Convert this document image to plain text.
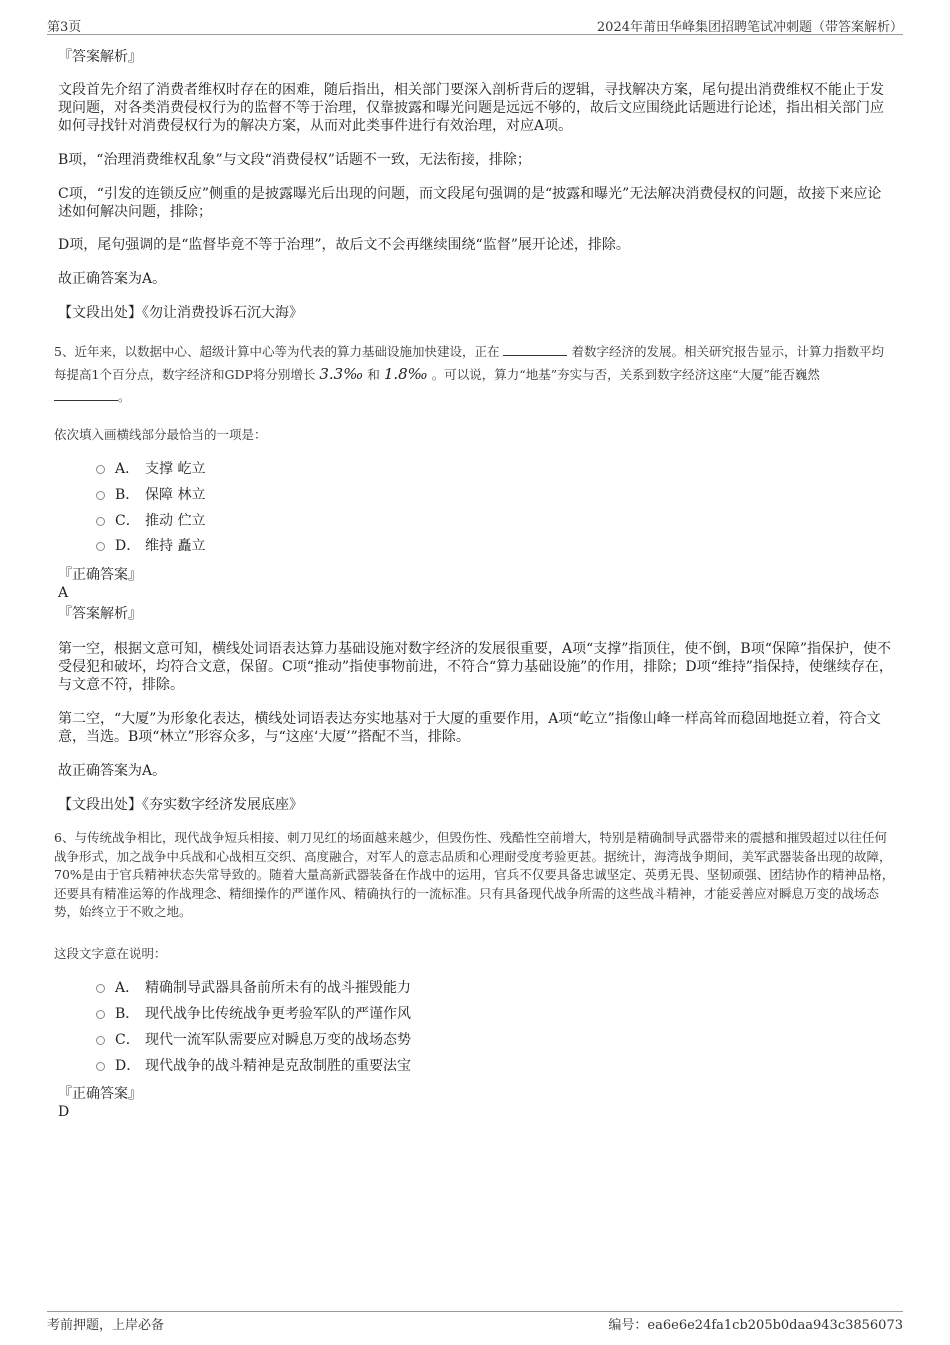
第3页	2024年莆田华峰集团招聘笔试冲刺题（带答案解析）
『答案解析』
文段首先介绍了消费者维权时存在的困难，随后指出，相关部门要深入剖析背后的逻辑，寻找解决方案，尾句提出消费维权不能止于发现问题，对各类消费侵权行为的监督不等于治理，仅靠披露和曝光问题是远远不够的，故后文应围绕此话题进行论述，指出相关部门应如何寻找针对消费侵权行为的解决方案，从而对此类事件进行有效治理，对应A项。
B项，“治理消费维权乱象”与文段“消费侵权”话题不一致，无法衔接，排除；
C项，“引发的连锁反应”侧重的是披露曝光后出现的问题，而文段尾句强调的是“披露和曝光”无法解决消费侵权的问题，故接下来应论述如何解决问题，排除；
D项，尾句强调的是“监督毕竟不等于治理”，故后文不会再继续围绕“监督”展开论述，排除。
故正确答案为A。
【文段出处】《勿让消费投诉石沉大海》
5、近年来，以数据中心、超级计算中心等为代表的算力基础设施加快建设，正在	着数字经济的发展。相关研究报告显示，计算力指数平均每提高1个百分点，数字经济和GDP将分别增长 3.3‰ 和 1.8‰ 。可以说，算力“地基”夯实与否，关系到数字经济这座“大厦”能否巍然
。
依次填入画横线部分最恰当的一项是：
A． 支撑 屹立
B． 保障 林立
C． 推动 伫立
D． 维持 矗立
『正确答案』
A
『答案解析』
第一空，根据文意可知，横线处词语表达算力基础设施对数字经济的发展很重要，A项“支撑”指顶住，使不倒，B项“保障”指保护，使不受侵犯和破坏，均符合文意，保留。C项“推动”指使事物前进，不符合“算力基础设施”的作用，排除；D项“维持”指保持，使继续存在，与文意不符，排除。
第二空，“大厦”为形象化表达，横线处词语表达夯实地基对于大厦的重要作用，A项“屹立”指像山峰一样高耸而稳固地挺立着，符合文意，当选。B项“林立”形容众多，与“这座‘大厦’”搭配不当，排除。
故正确答案为A。
【文段出处】《夯实数字经济发展底座》
6、与传统战争相比，现代战争短兵相接、刺刀见红的场面越来越少，但毁伤性、残酷性空前增大，特别是精确制导武器带来的震撼和摧毁超过以往任何战争形式，加之战争中兵战和心战相互交织、高度融合，对军人的意志品质和心理耐受度考验更甚。据统计，海湾战争期间，美军武器装备出现的故障，70%是由于官兵精神状态失常导致的。随着大量高新武器装备在作战中的运用，官兵不仅要具备忠诚坚定、英勇无畏、坚韧顽强、团结协作的精神品格，还要具有精准运筹的作战理念、精细操作的严谨作风、精确执行的一流标准。只有具备现代战争所需的这些战斗精神，才能妥善应对瞬息万变的战场态势，始终立于不败之地。
这段文字意在说明：
A． 精确制导武器具备前所未有的战斗摧毁能力
B． 现代战争比传统战争更考验军队的严谨作风
C． 现代一流军队需要应对瞬息万变的战场态势
D． 现代战争的战斗精神是克敌制胜的重要法宝
『正确答案』
D
考前押题，上岸必备	编号：ea6e6e24fa1cb205b0daa943c3856073
